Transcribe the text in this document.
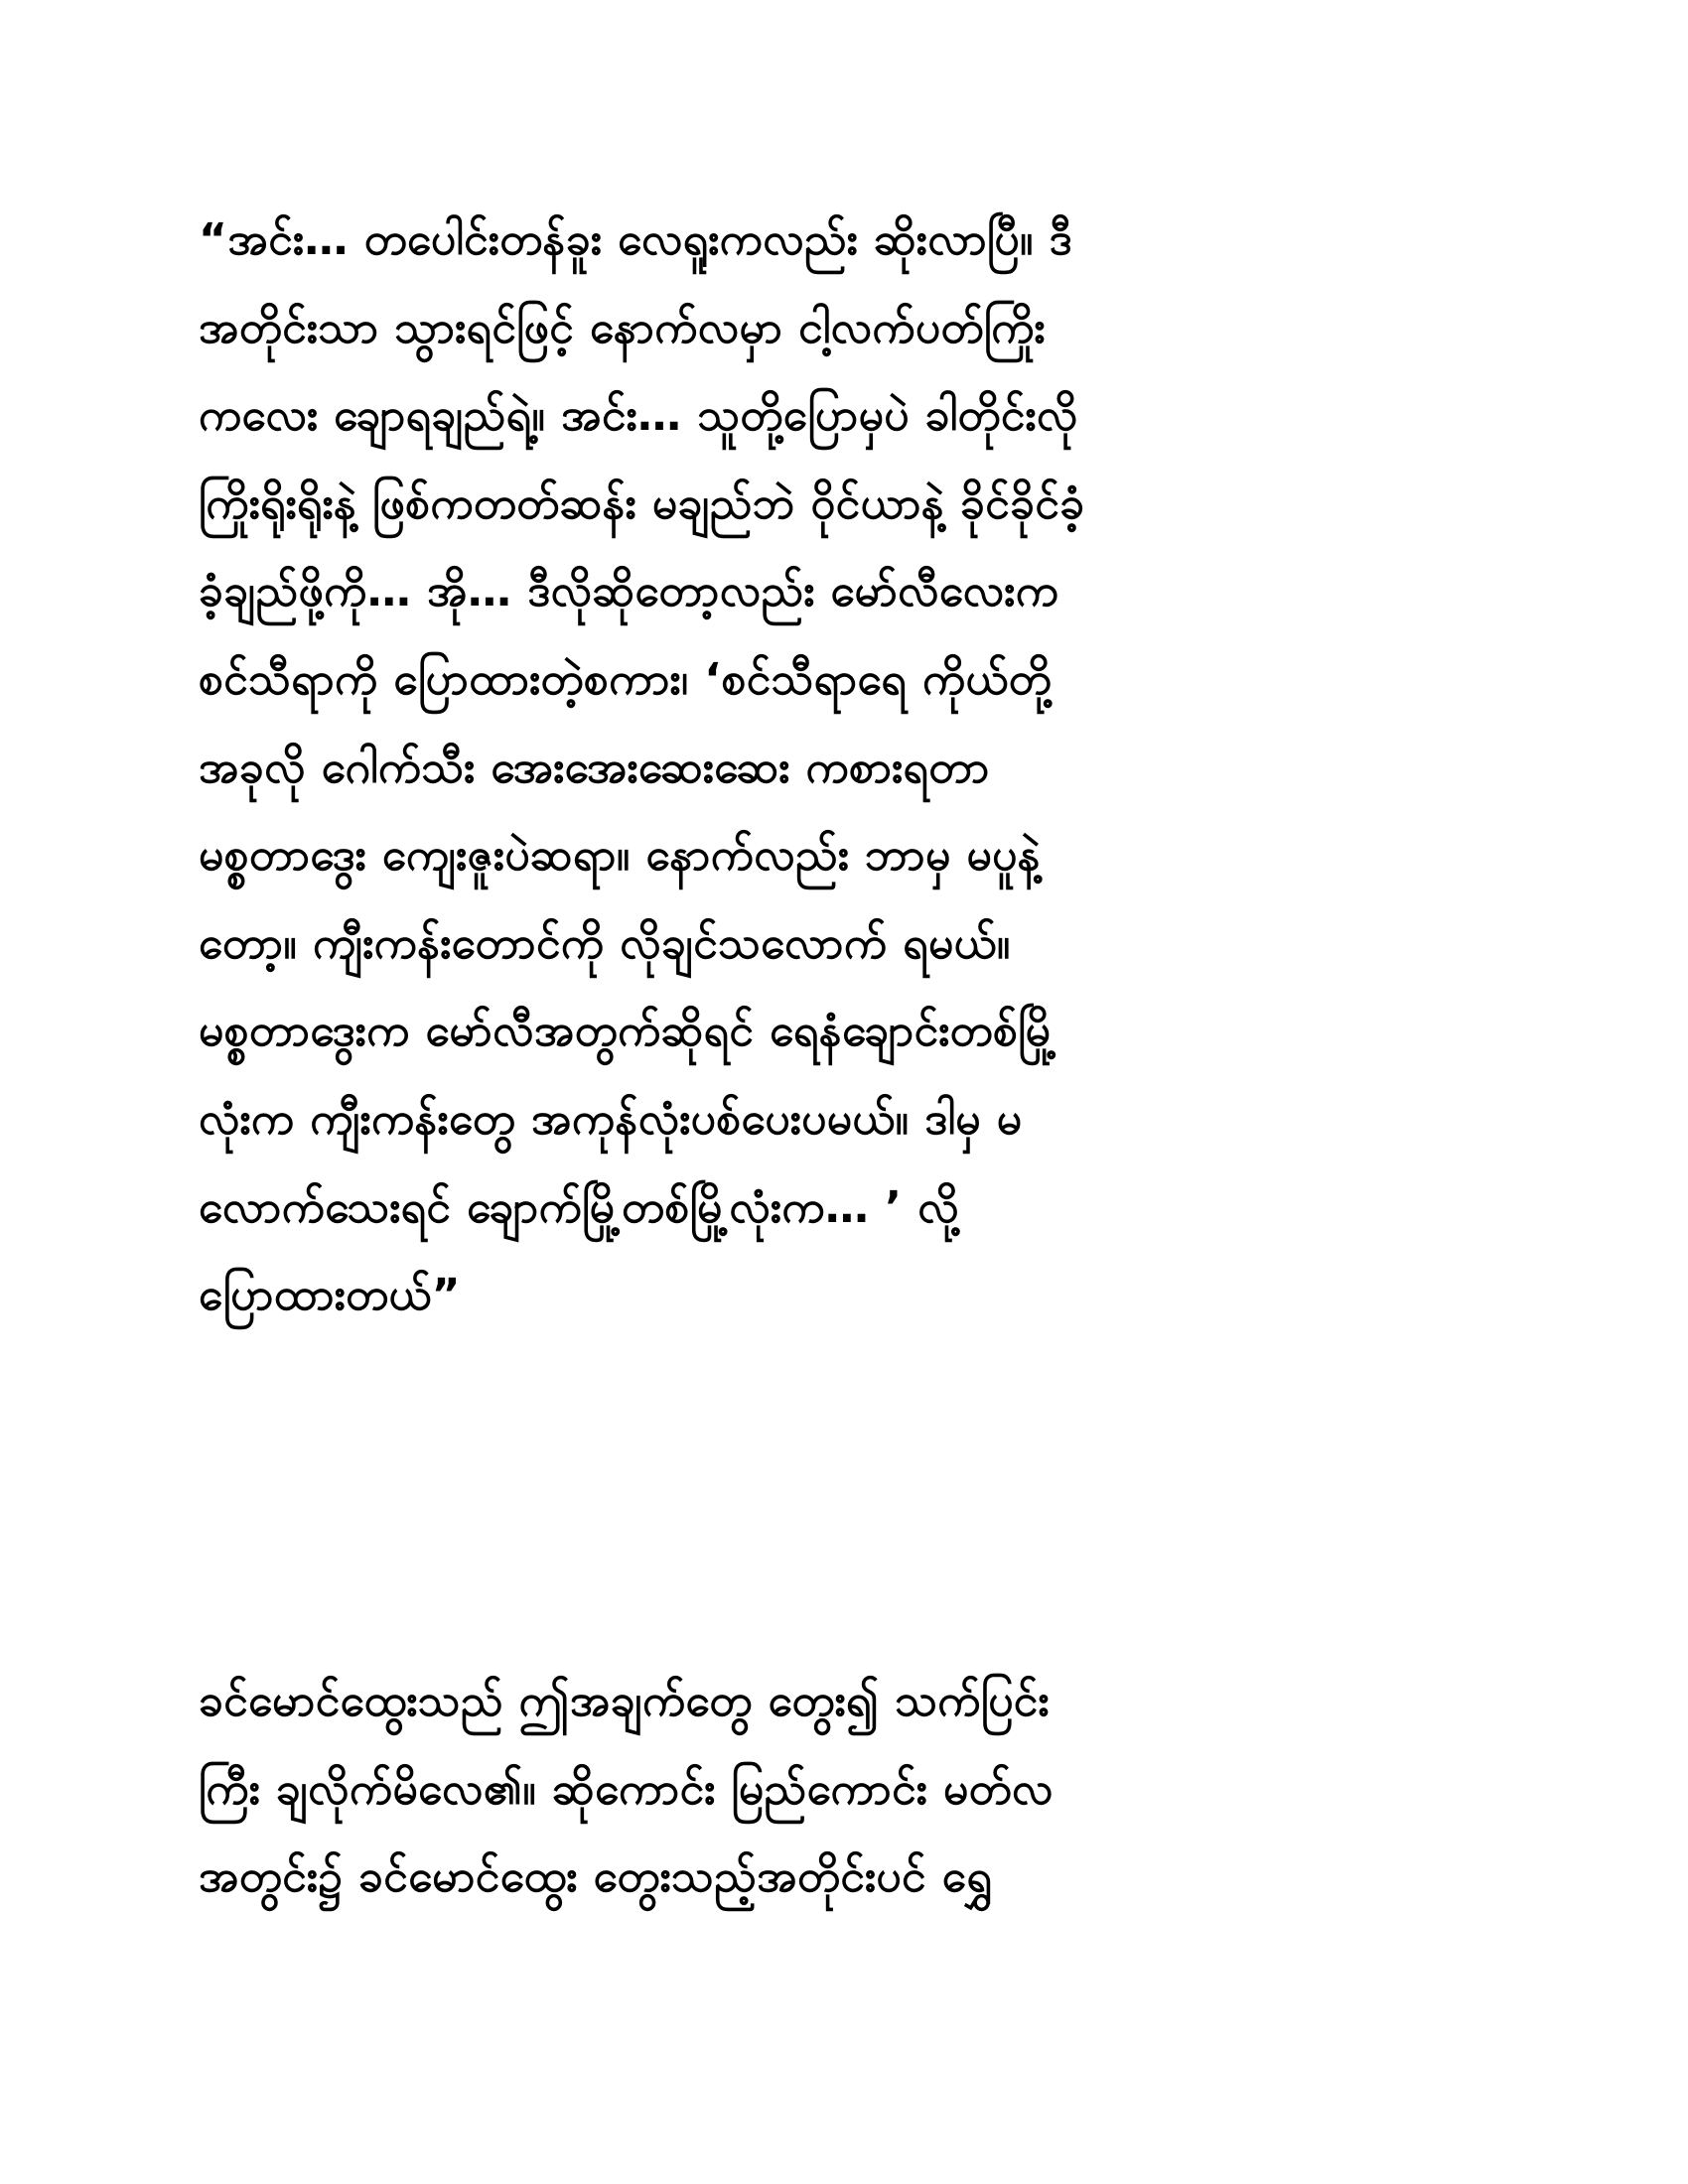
“အင်း… တပေါင်းတန်ခူး လေရူးကလည်း ဆိုးလာပြီ။ ဒီ
အတိုင်းသာ သွားရင်ဖြင့် နောက်လမှာ ငါ့လက်ပတ်ကြိုး
ကလေး ချောရချည်ရဲ့။ အင်း… သူတို့ပြောမှပဲ ခါတိုင်းလို
ကြိုးရိုးရိုးနဲ့ ဖြစ်ကတတ်ဆန်း မချည်ဘဲ ဝိုင်ယာနဲ့ ခိုင်ခိုင်ခံ့
ခံ့ချည်ဖို့ကို… အို… ဒီလိုဆိုတော့လည်း မော်လီလေးက
စင်သီရာကို ပြောထားတဲ့စကား၊ ‘စင်သီရာရေ ကိုယ်တို့
အခုလို ဂေါက်သီး အေးအေးဆေးဆေး ကစားရတာ
မစ္စတာဒွေး ကျေးဇူးပဲဆရာ။ နောက်လည်း ဘာမှ မပူနဲ့
တော့။ ကျီးကန်းတောင်ကို လိုချင်သလောက် ရမယ်။
မစ္စတာဒွေးက မော်လီအတွက်ဆိုရင် ရေနံချောင်းတစ်မြို့
လုံးက ကျီးကန်းတွေ အကုန်လုံးပစ်ပေးပမယ်။ ဒါမှ မ
လောက်သေးရင် ချောက်မြို့တစ်မြို့လုံးက… ’ လို့
ပြောထားတယ်”
ခင်မောင်ထွေးသည် ဤအချက်တွေ တွေး၍ သက်ပြင်း
ကြီး ချလိုက်မိလေ၏။ ဆိုကောင်း မြည်ကောင်း မတ်လ
အတွင်း၌ ခင်မောင်ထွေး တွေးသည့်အတိုင်းပင် ရွှေ
